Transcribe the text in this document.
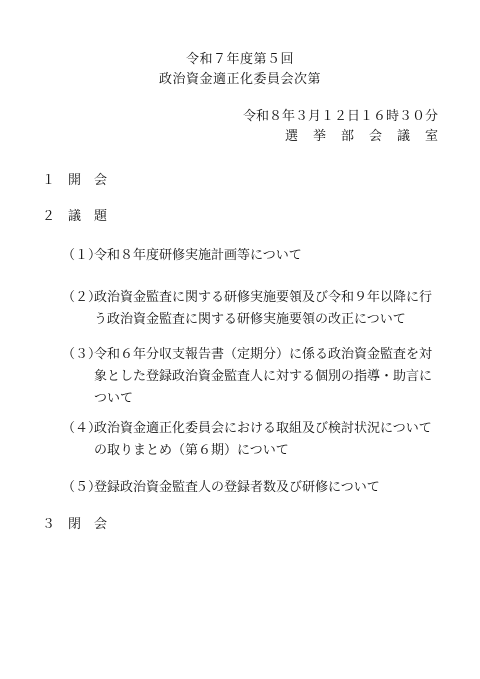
令和７年度第５回
政治資金適正化委員会次第
令和８年３月１２日１６時３０分
選挙部会議室
１ 開会
２ 議題
（１）
令和８年度研修実施計画等について
（２）
政治資金監査に関する研修実施要領及び令和９年以降に行う政治資金監査に関する研修実施要領の改正について
（３）
令和６年分収支報告書（定期分）に係る政治資金監査を対象とした登録政治資金監査人に対する個別の指導・助言について
（４）
政治資金適正化委員会における取組及び検討状況についての取りまとめ（第６期）について
（５）
登録政治資金監査人の登録者数及び研修について
３ 閉会
